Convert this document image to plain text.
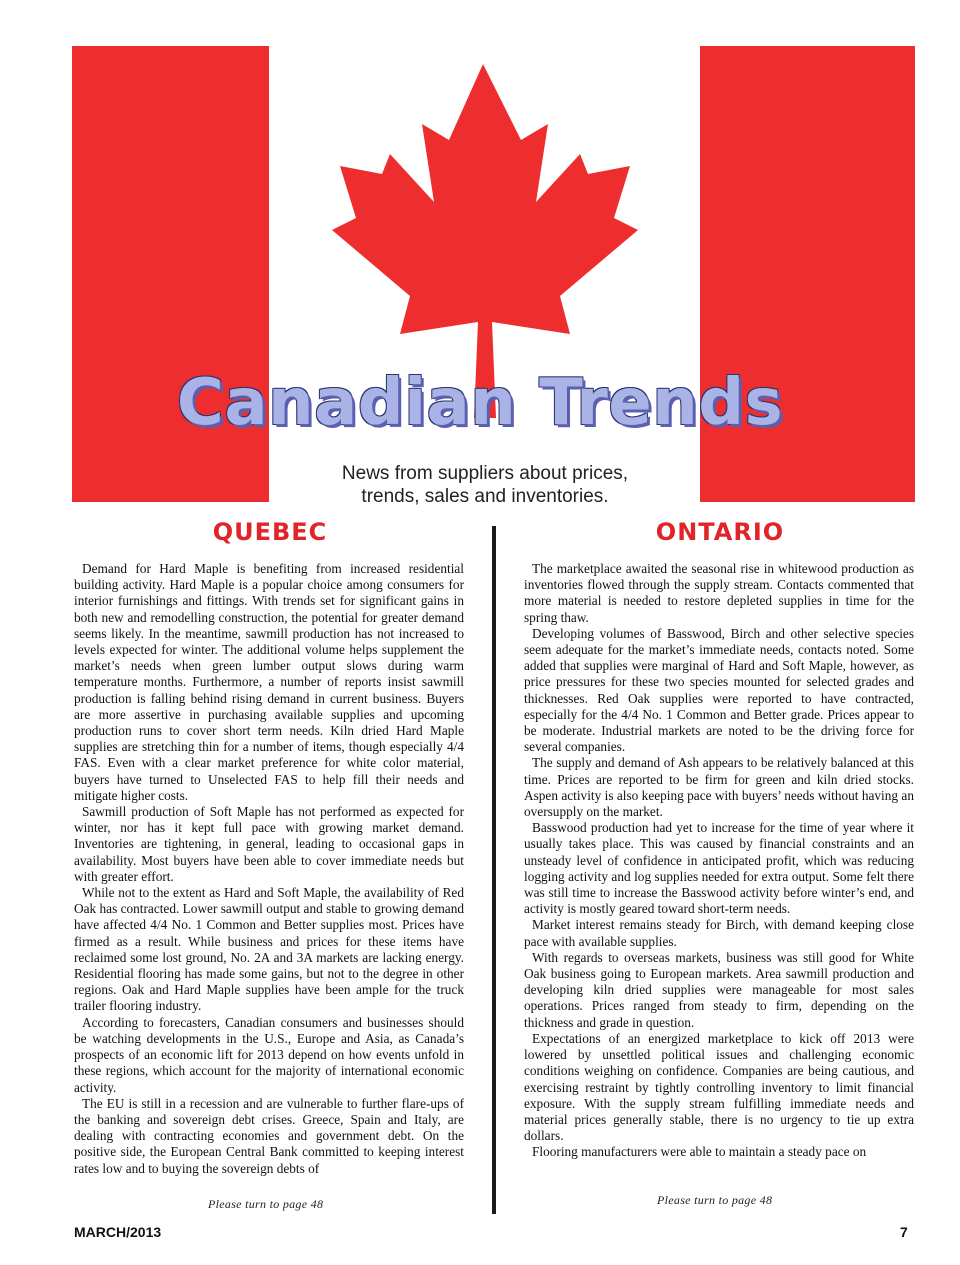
Canadian Trends

News from suppliers about prices,
trends, sales and inventories.

QUEBEC	ONTARIO

Demand for Hard Maple is benefiting from increased residential building activity. Hard Maple is a popular choice among consumers for interior furnishings and fittings. With trends set for significant gains in both new and remodelling construction, the potential for greater demand seems likely. In the meantime, sawmill production has not increased to levels expected for winter. The additional volume helps supplement the market’s needs when green lumber output slows during warm temperature months. Furthermore, a number of reports insist sawmill production is falling behind rising demand in current business. Buyers are more assertive in purchasing available supplies and upcoming production runs to cover short term needs. Kiln dried Hard Maple supplies are stretching thin for a number of items, though especially 4/4 FAS. Even with a clear market preference for white color material, buyers have turned to Unselected FAS to help fill their needs and mitigate higher costs.

Sawmill production of Soft Maple has not performed as expected for winter, nor has it kept full pace with growing market demand. Inventories are tightening, in general, leading to occasional gaps in availability. Most buyers have been able to cover immediate needs but with greater effort.

While not to the extent as Hard and Soft Maple, the availability of Red Oak has contracted. Lower sawmill output and stable to growing demand have affected 4/4 No. 1 Common and Better supplies most. Prices have firmed as a result. While business and prices for these items have reclaimed some lost ground, No. 2A and 3A markets are lacking energy. Residential flooring has made some gains, but not to the degree in other regions. Oak and Hard Maple supplies have been ample for the truck trailer flooring industry.

According to forecasters, Canadian consumers and businesses should be watching developments in the U.S., Europe and Asia, as Canada’s prospects of an economic lift for 2013 depend on how events unfold in these regions, which account for the majority of international economic activity.

The EU is still in a recession and are vulnerable to further flare-ups of the banking and sovereign debt crises. Greece, Spain and Italy, are dealing with contracting economies and government debt. On the positive side, the European Central Bank committed to keeping interest rates low and to buying the sovereign debts of

The marketplace awaited the seasonal rise in whitewood production as inventories flowed through the supply stream. Contacts commented that more material is needed to restore depleted supplies in time for the spring thaw.

Developing volumes of Basswood, Birch and other selective species seem adequate for the market’s immediate needs, contacts noted. Some added that supplies were marginal of Hard and Soft Maple, however, as price pressures for these two species mounted for selected grades and thicknesses. Red Oak supplies were reported to have contracted, especially for the 4/4 No. 1 Common and Better grade. Prices appear to be moderate. Industrial markets are noted to be the driving force for several companies.

The supply and demand of Ash appears to be relatively balanced at this time. Prices are reported to be firm for green and kiln dried stocks. Aspen activity is also keeping pace with buyers’ needs without having an oversupply on the market.

Basswood production had yet to increase for the time of year where it usually takes place. This was caused by financial constraints and an unsteady level of confidence in anticipated profit, which was reducing logging activity and log supplies needed for extra output. Some felt there was still time to increase the Basswood activity before winter’s end, and activity is mostly geared toward short-term needs.

Market interest remains steady for Birch, with demand keeping close pace with available supplies.

With regards to overseas markets, business was still good for White Oak business going to European markets. Area sawmill production and developing kiln dried supplies were manageable for most sales operations. Prices ranged from steady to firm, depending on the thickness and grade in question.

Expectations of an energized marketplace to kick off 2013 were lowered by unsettled political issues and challenging economic conditions weighing on confidence. Companies are being cautious, and exercising restraint by tightly controlling inventory to limit financial exposure. With the supply stream fulfilling immediate needs and material prices generally stable, there is no urgency to tie up extra dollars.

Flooring manufacturers were able to maintain a steady pace on

Please turn to page 48	Please turn to page 48
MARCH/2013	7
